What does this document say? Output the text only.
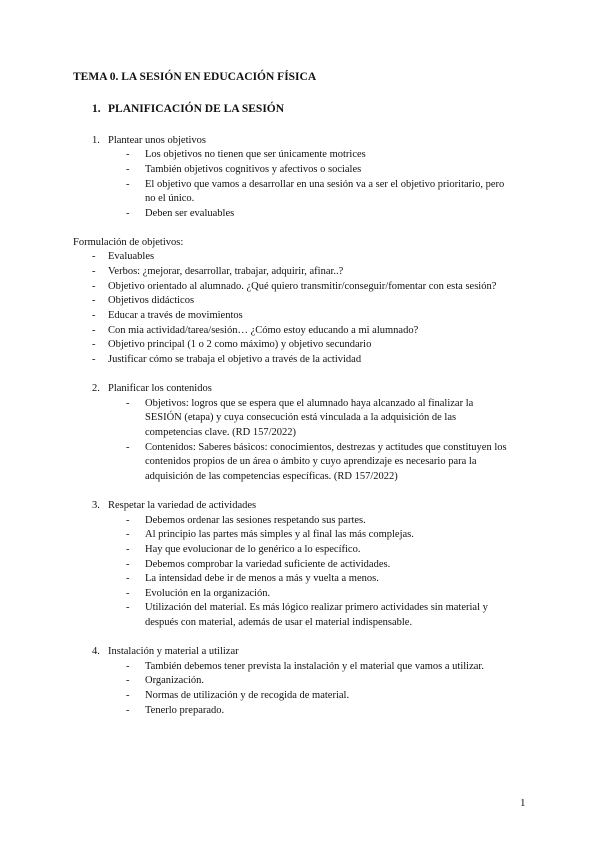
TEMA 0. LA SESIÓN EN EDUCACIÓN FÍSICA
1. PLANIFICACIÓN DE LA SESIÓN
1. Plantear unos objetivos
- Los objetivos no tienen que ser únicamente motrices
- También objetivos cognitivos y afectivos o sociales
- El objetivo que vamos a desarrollar en una sesión va a ser el objetivo prioritario, pero
no el único.
- Deben ser evaluables
Formulación de objetivos:
- Evaluables
- Verbos: ¿mejorar, desarrollar, trabajar, adquirir, afinar..?
- Objetivo orientado al alumnado. ¿Qué quiero transmitir/conseguir/fomentar con esta sesión?
- Objetivos didácticos
- Educar a través de movimientos
- Con mia actividad/tarea/sesión… ¿Cómo estoy educando a mi alumnado?
- Objetivo principal (1 o 2 como máximo) y objetivo secundario
- Justificar cómo se trabaja el objetivo a través de la actividad
2. Planificar los contenidos
- Objetivos: logros que se espera que el alumnado haya alcanzado al finalizar la
SESIÓN (etapa) y cuya consecución está vinculada a la adquisición de las
competencias clave. (RD 157/2022)
- Contenidos: Saberes básicos: conocimientos, destrezas y actitudes que constituyen los
contenidos propios de un área o ámbito y cuyo aprendizaje es necesario para la
adquisición de las competencias específicas. (RD 157/2022)
3. Respetar la variedad de actividades
- Debemos ordenar las sesiones respetando sus partes.
- Al principio las partes más simples y al final las más complejas.
- Hay que evolucionar de lo genérico a lo específico.
- Debemos comprobar la variedad suficiente de actividades.
- La intensidad debe ir de menos a más y vuelta a menos.
- Evolución en la organización.
- Utilización del material. Es más lógico realizar primero actividades sin material y
después con material, además de usar el material indispensable.
4. Instalación y material a utilizar
- También debemos tener prevista la instalación y el material que vamos a utilizar.
- Organización.
- Normas de utilización y de recogida de material.
- Tenerlo preparado.
1
